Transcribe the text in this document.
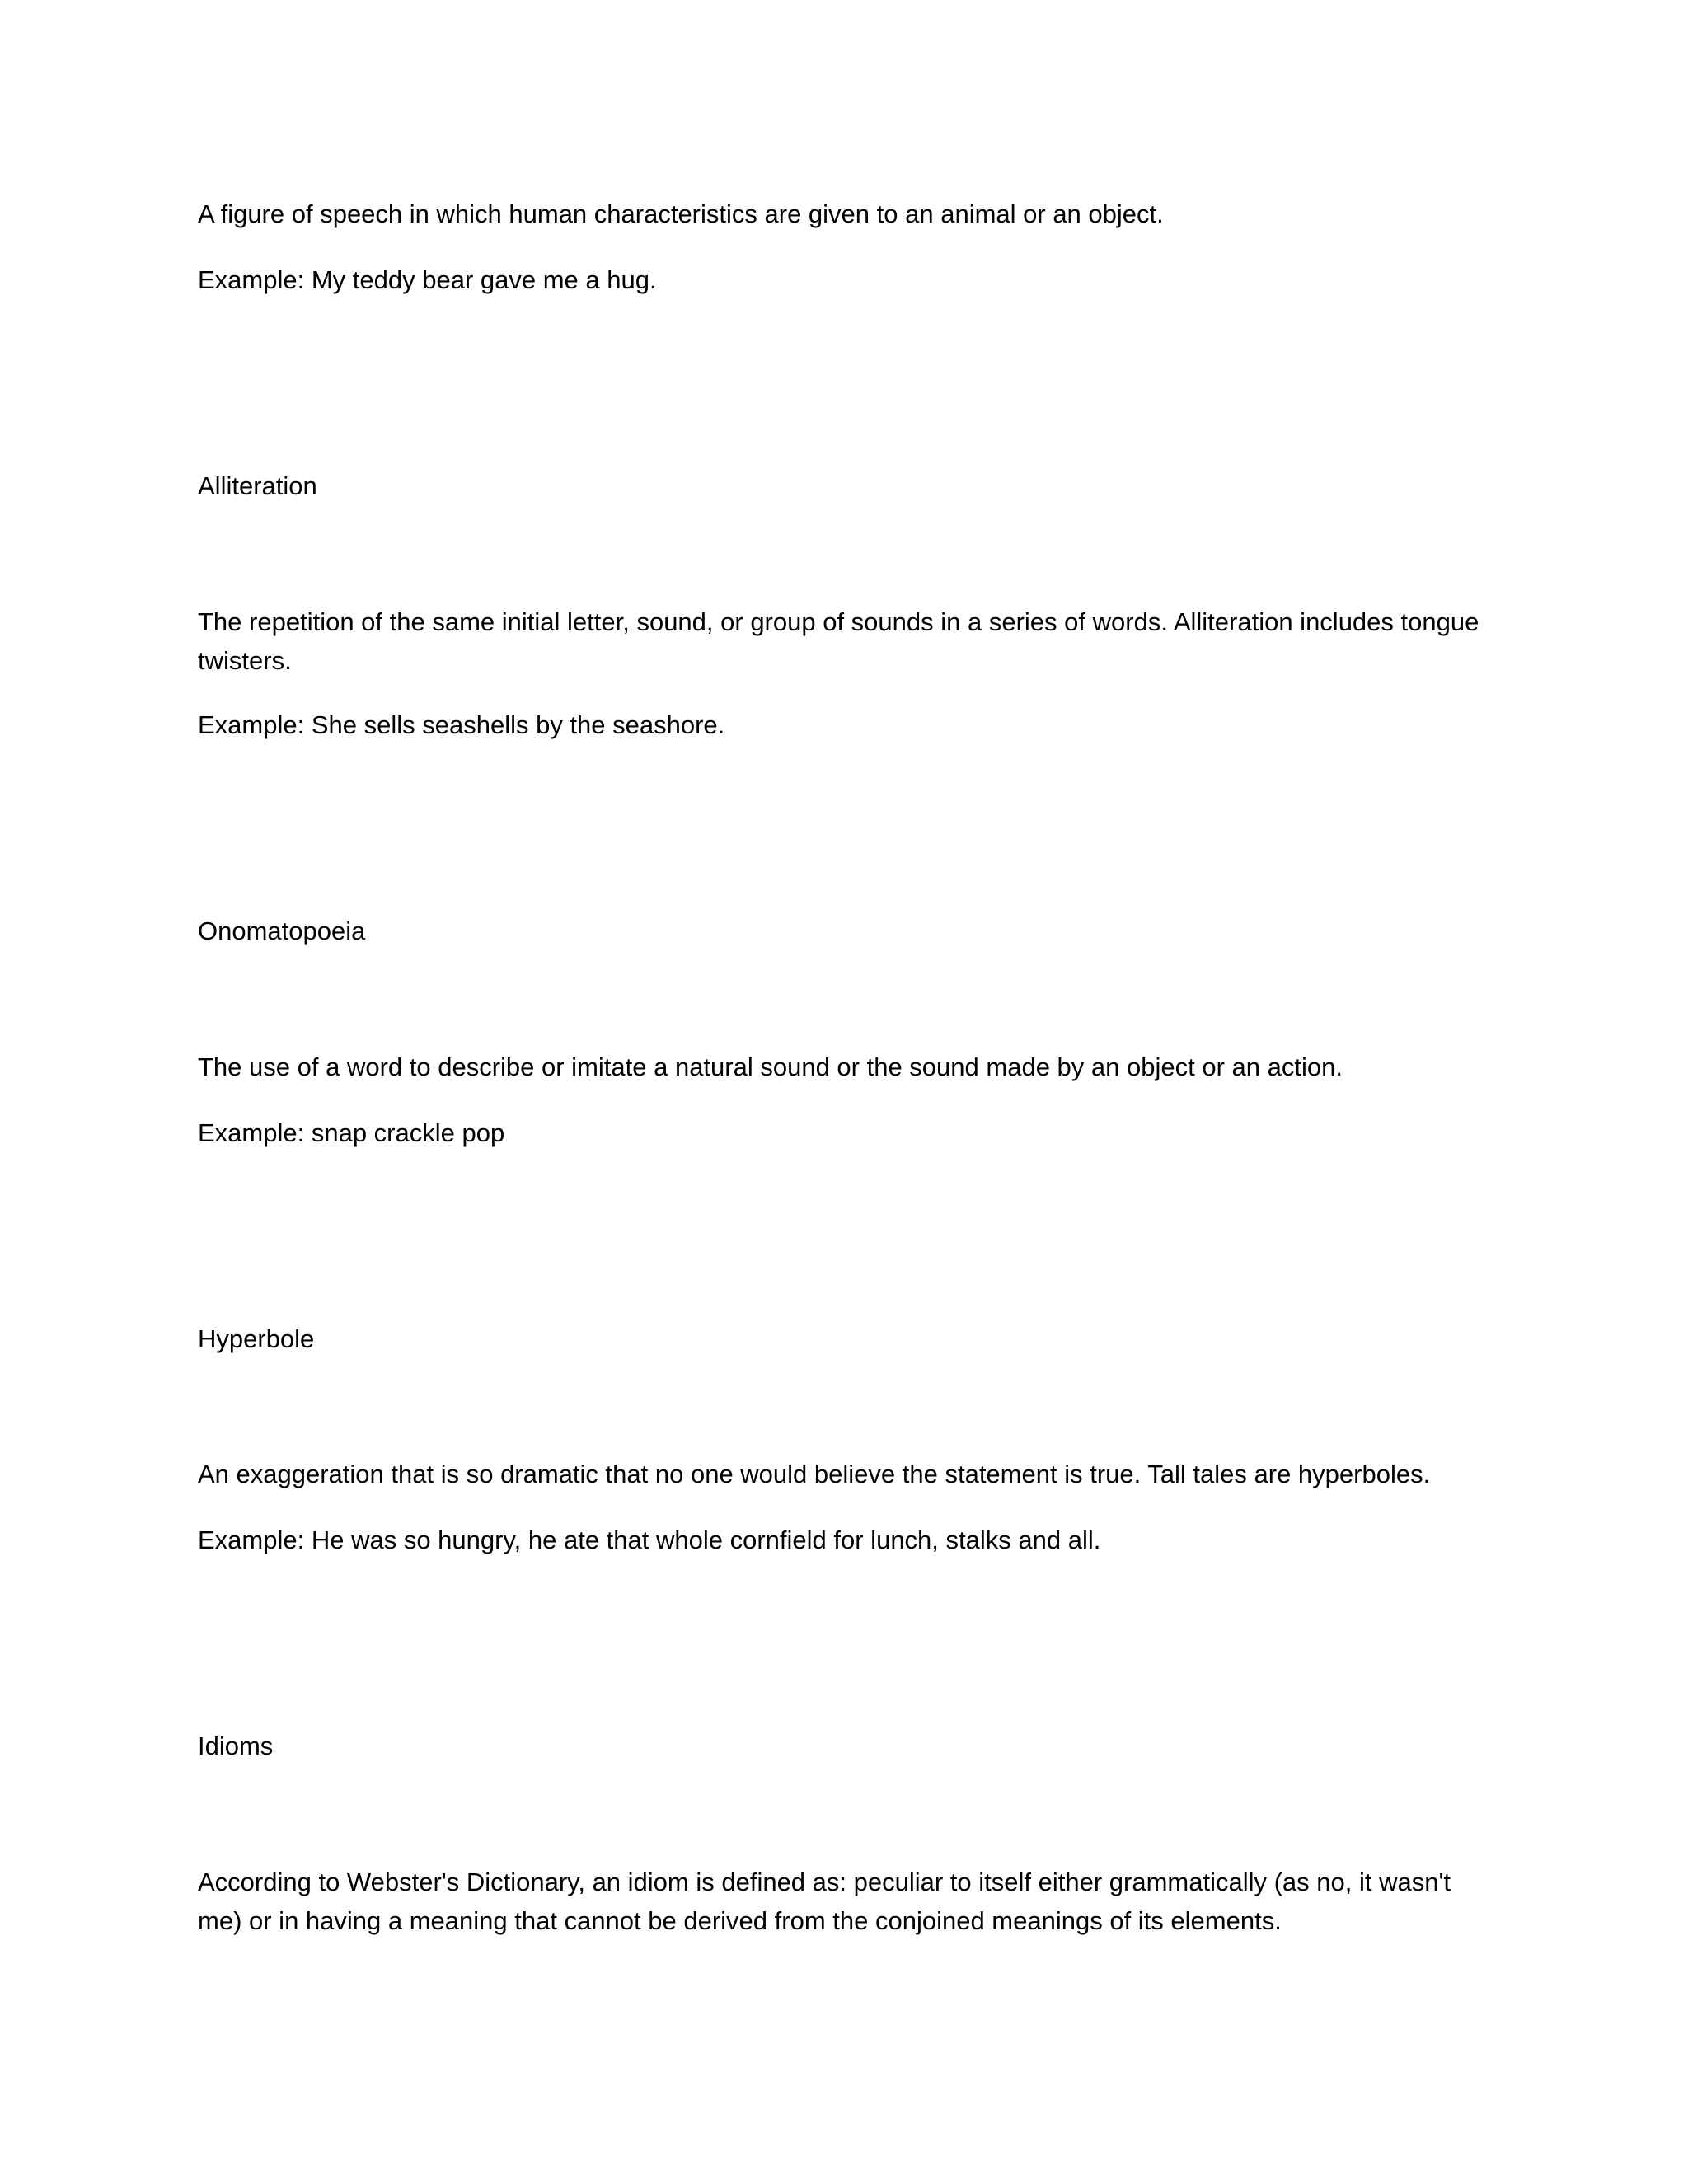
A figure of speech in which human characteristics are given to an animal or an object.

Example: My teddy bear gave me a hug.

Alliteration

The repetition of the same initial letter, sound, or group of sounds in a series of words. Alliteration includes tongue twisters.

Example: She sells seashells by the seashore.

Onomatopoeia

The use of a word to describe or imitate a natural sound or the sound made by an object or an action.

Example: snap crackle pop

Hyperbole

An exaggeration that is so dramatic that no one would believe the statement is true. Tall tales are hyperboles.

Example: He was so hungry, he ate that whole cornfield for lunch, stalks and all.

Idioms

According to Webster's Dictionary, an idiom is defined as: peculiar to itself either grammatically (as no, it wasn't me) or in having a meaning that cannot be derived from the conjoined meanings of its elements.
